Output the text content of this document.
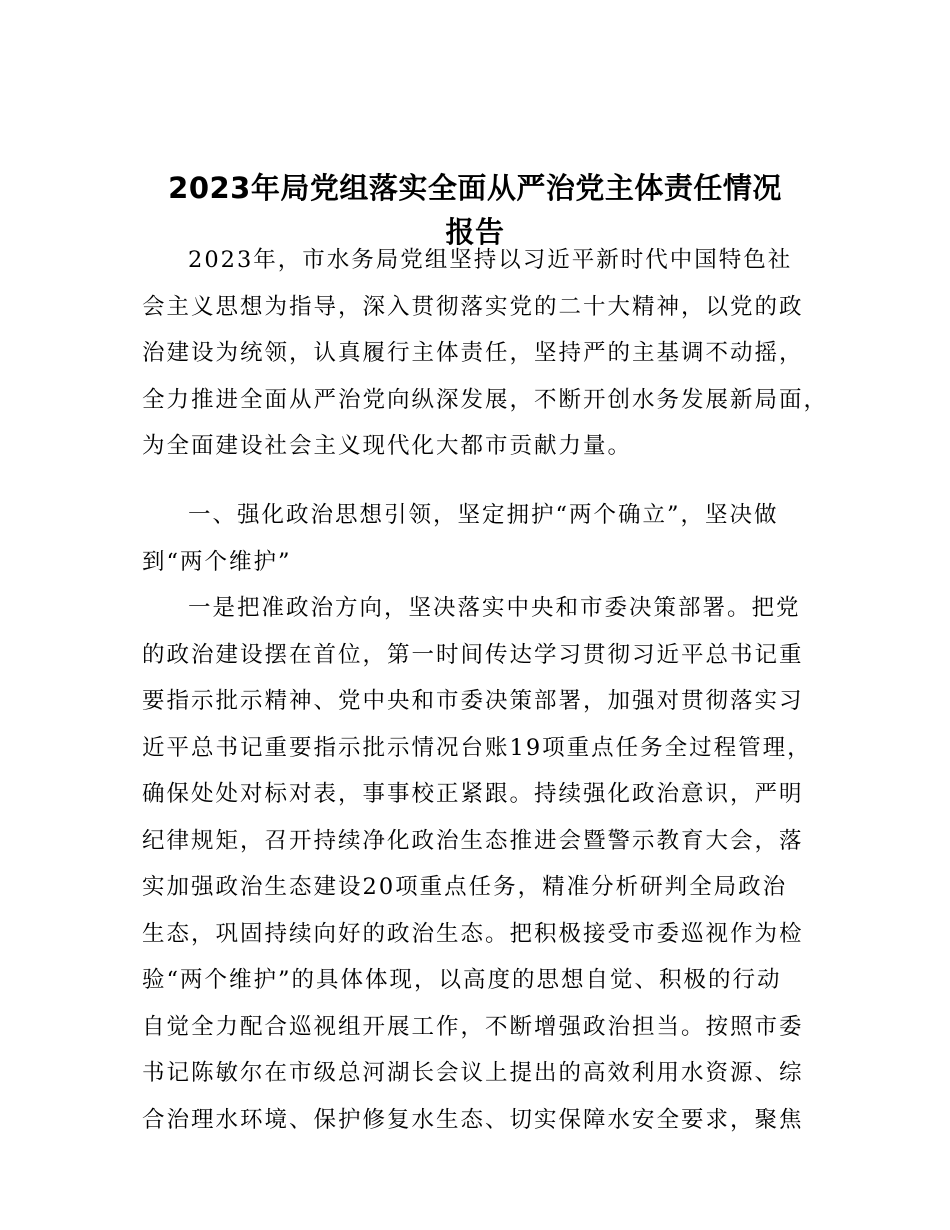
2023年局党组落实全面从严治党主体责任情况
报告
2023年，市水务局党组坚持以习近平新时代中国特色社
会主义思想为指导，深入贯彻落实党的二十大精神，以党的政
治建设为统领，认真履行主体责任，坚持严的主基调不动摇，
全力推进全面从严治党向纵深发展，不断开创水务发展新局面，
为全面建设社会主义现代化大都市贡献力量。
一、强化政治思想引领，坚定拥护“两个确立”，坚决做
到“两个维护”
一是把准政治方向，坚决落实中央和市委决策部署。把党
的政治建设摆在首位，第一时间传达学习贯彻习近平总书记重
要指示批示精神、党中央和市委决策部署，加强对贯彻落实习
近平总书记重要指示批示情况台账19项重点任务全过程管理，
确保处处对标对表，事事校正紧跟。持续强化政治意识，严明
纪律规矩，召开持续净化政治生态推进会暨警示教育大会，落
实加强政治生态建设20项重点任务，精准分析研判全局政治
生态，巩固持续向好的政治生态。把积极接受市委巡视作为检
验“两个维护”的具体体现，以高度的思想自觉、积极的行动
自觉全力配合巡视组开展工作，不断增强政治担当。按照市委
书记陈敏尔在市级总河湖长会议上提出的高效利用水资源、综
合治理水环境、保护修复水生态、切实保障水安全要求，聚焦
